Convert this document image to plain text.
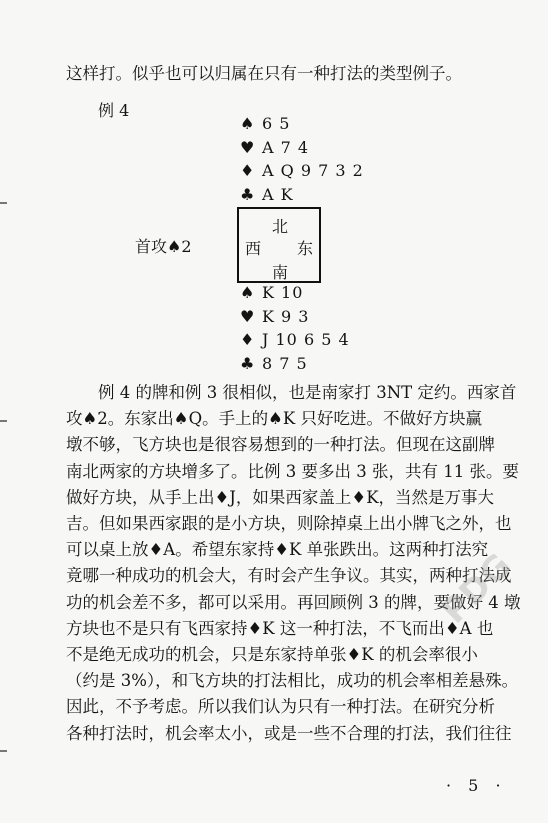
这样打。似乎也可以归属在只有一种打法的类型例子。
例 4
♠ 6 5
♥ A 7 4
♦ A Q 9 7 3 2
♣ A K
北
西 东
南
首攻♠2
♠ K 10
♥ K 9 3
♦ J 10 6 5 4
♣ 8 7 5
例 4 的牌和例 3 很相似，也是南家打 3NT 定约。西家首
攻♠2。东家出♠Q。手上的♠K 只好吃进。不做好方块赢
墩不够，飞方块也是很容易想到的一种打法。但现在这副牌
南北两家的方块增多了。比例 3 要多出 3 张，共有 11 张。要
做好方块，从手上出♦J，如果西家盖上♦K，当然是万事大
吉。但如果西家跟的是小方块，则除掉桌上出小牌飞之外，也
可以桌上放♦A。希望东家持♦K 单张跌出。这两种打法究
竟哪一种成功的机会大，有时会产生争议。其实，两种打法成
功的机会差不多，都可以采用。再回顾例 3 的牌，要做好 4 墩
方块也不是只有飞西家持♦K 这一种打法，不飞而出♦A 也
不是绝无成功的机会，只是东家持单张♦K 的机会率很小
（约是 3%），和飞方块的打法相比，成功的机会率相差悬殊。
因此，不予考虑。所以我们认为只有一种打法。在研究分析
各种打法时，机会率太小，或是一些不合理的打法，我们往往
· 5 ·
PDG
